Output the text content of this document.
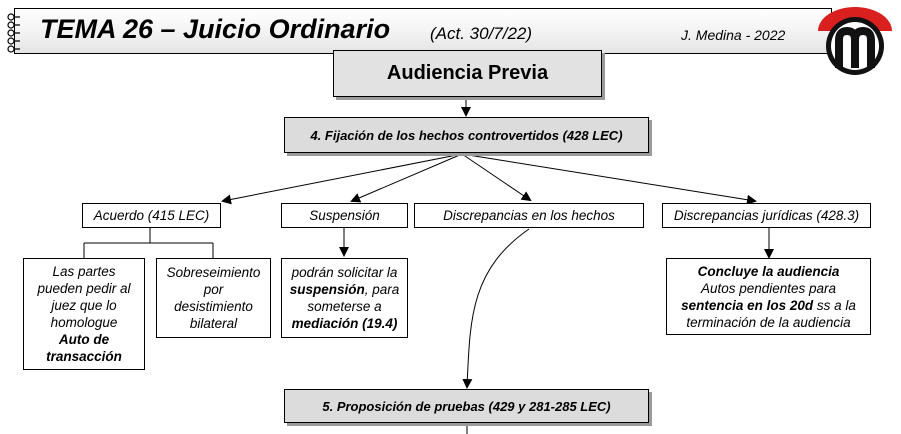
TEMA 26 – Juicio Ordinario (Act. 30/7/22)	J. Medina - 2022
Audiencia Previa
4. Fijación de los hechos controvertidos (428 LEC)
Acuerdo (415 LEC)	Suspensión	Discrepancias en los hechos	Discrepancias jurídicas (428.3)
Las partes
pueden pedir al
juez que lo
homologue
Auto de
transacción
Sobreseimiento
por
desistimiento
bilateral
podrán solicitar la
suspensión, para
someterse a
mediación (19.4)
Concluye la audiencia
Autos pendientes para
sentencia en los 20d ss a la
terminación de la audiencia
5. Proposición de pruebas (429 y 281-285 LEC)
